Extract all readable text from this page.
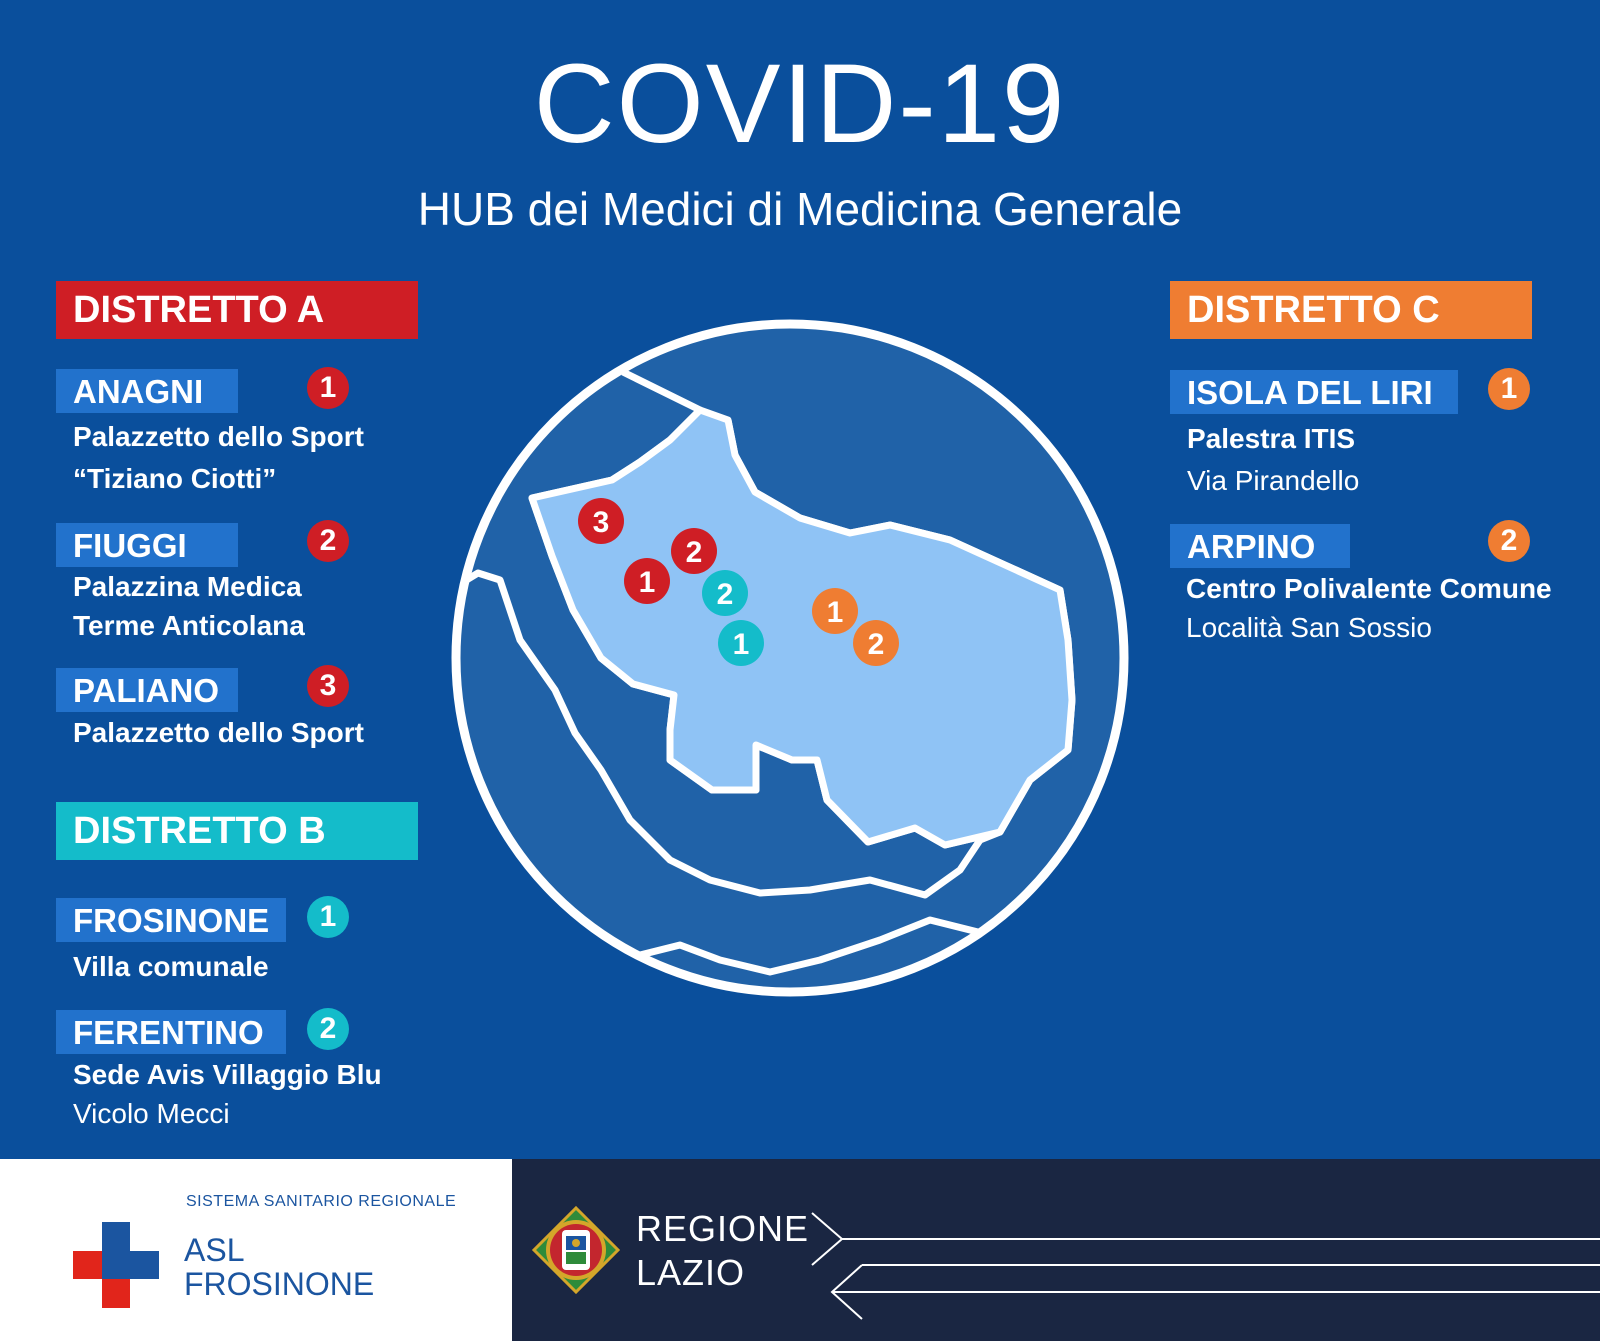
COVID-19
HUB dei Medici di Medicina Generale
DISTRETTO A
ANAGNI	1
Palazzetto dello Sport
“Tiziano Ciotti”
FIUGGI	2
Palazzina Medica
Terme Anticolana
PALIANO	3
Palazzetto dello Sport
DISTRETTO B
FROSINONE	1
Villa comunale
FERENTINO	2
Sede Avis Villaggio Blu
Vicolo Mecci
DISTRETTO C
ISOLA DEL LIRI	1
Palestra ITIS
Via Pirandello
ARPINO	2
Centro Polivalente Comune
Località San Sossio
3
2
1 2
1
1
2
SISTEMA SANITARIO REGIONALE
ASL
FROSINONE
REGIONE
LAZIO
